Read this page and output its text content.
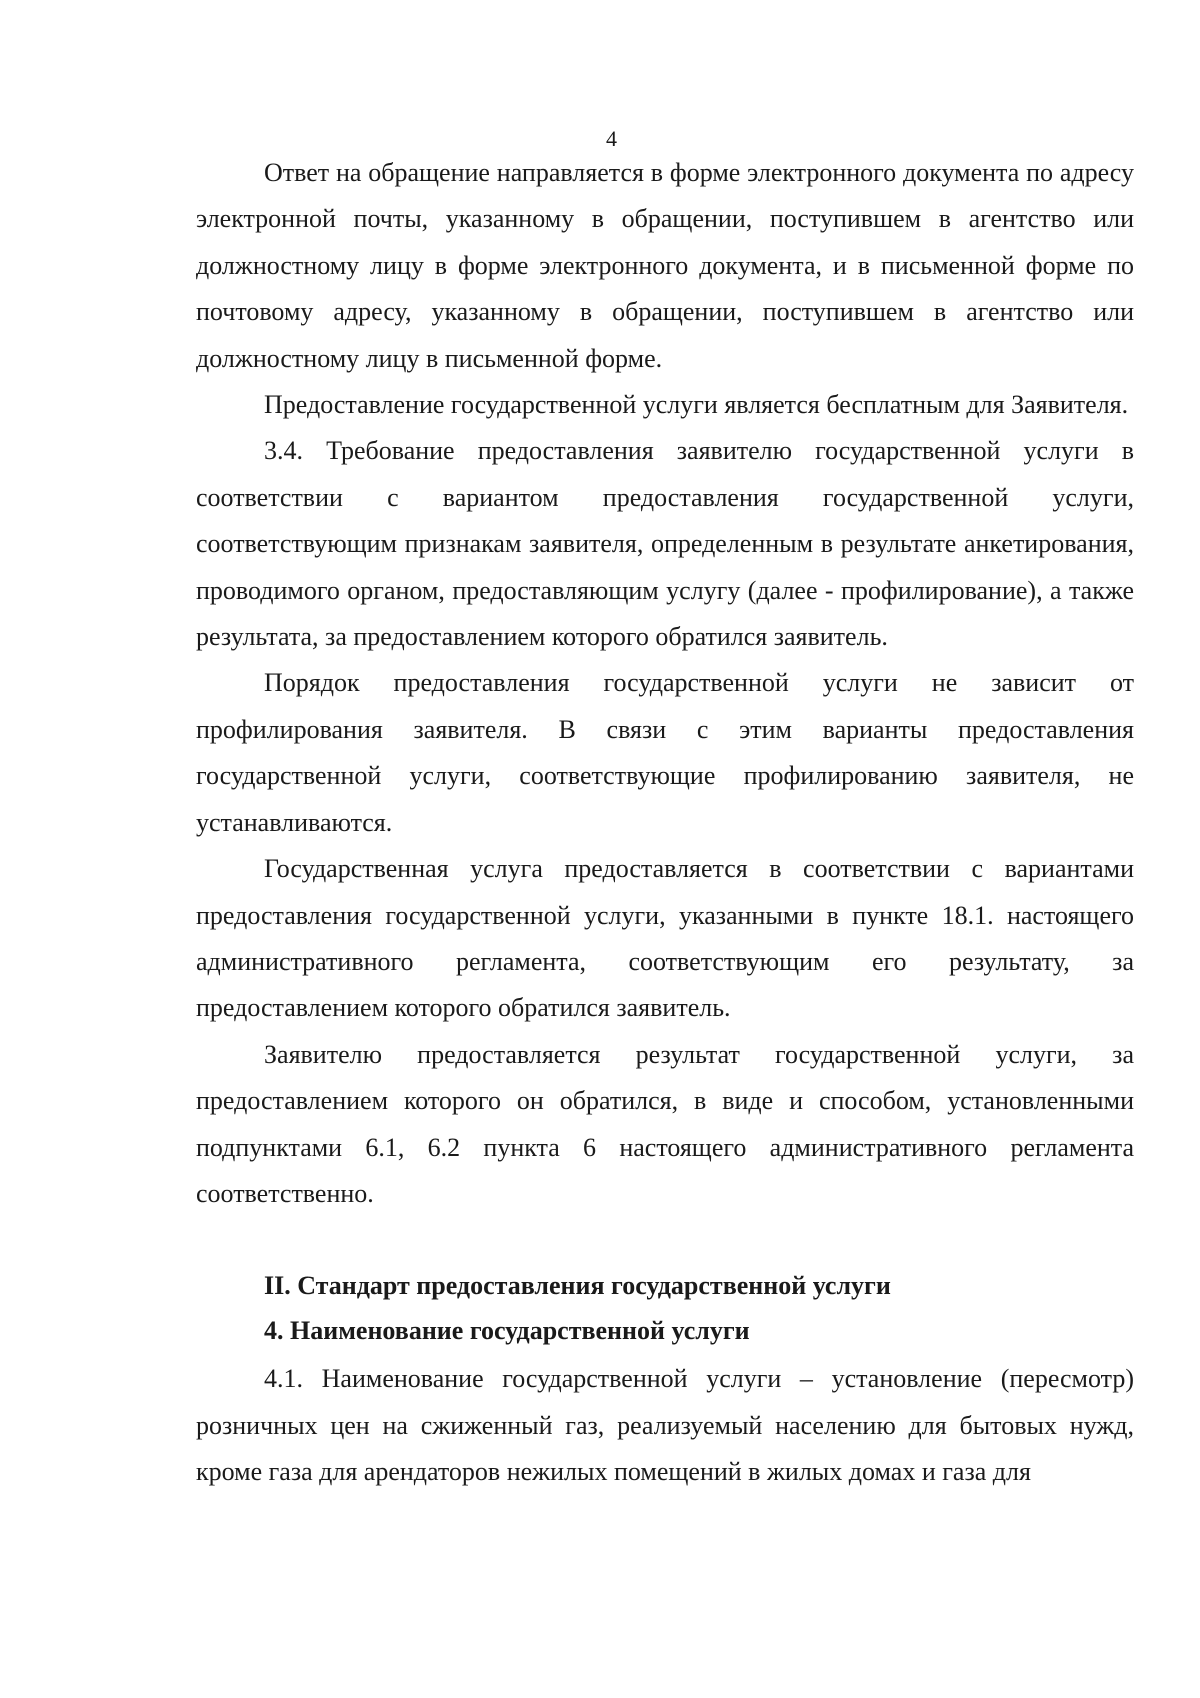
4

Ответ на обращение направляется в форме электронного документа по адресу электронной почты, указанному в обращении, поступившем в агентство или должностному лицу в форме электронного документа, и в письменной форме по почтовому адресу, указанному в обращении, поступившем в агентство или должностному лицу в письменной форме.

Предоставление государственной услуги является бесплатным для Заявителя.

3.4. Требование предоставления заявителю государственной услуги в соответствии с вариантом предоставления государственной услуги, соответствующим признакам заявителя, определенным в результате анкетирования, проводимого органом, предоставляющим услугу (далее - профилирование), а также результата, за предоставлением которого обратился заявитель.

Порядок предоставления государственной услуги не зависит от профилирования заявителя. В связи с этим варианты предоставления государственной услуги, соответствующие профилированию заявителя, не устанавливаются.

Государственная услуга предоставляется в соответствии с вариантами предоставления государственной услуги, указанными в пункте 18.1. настоящего административного регламента, соответствующим его результату, за предоставлением которого обратился заявитель.

Заявителю предоставляется результат государственной услуги, за предоставлением которого он обратился, в виде и способом, установленными подпунктами 6.1, 6.2 пункта 6 настоящего административного регламента соответственно.

II. Стандарт предоставления государственной услуги

4. Наименование государственной услуги

4.1. Наименование государственной услуги – установление (пересмотр) розничных цен на сжиженный газ, реализуемый населению для бытовых нужд, кроме газа для арендаторов нежилых помещений в жилых домах и газа для
